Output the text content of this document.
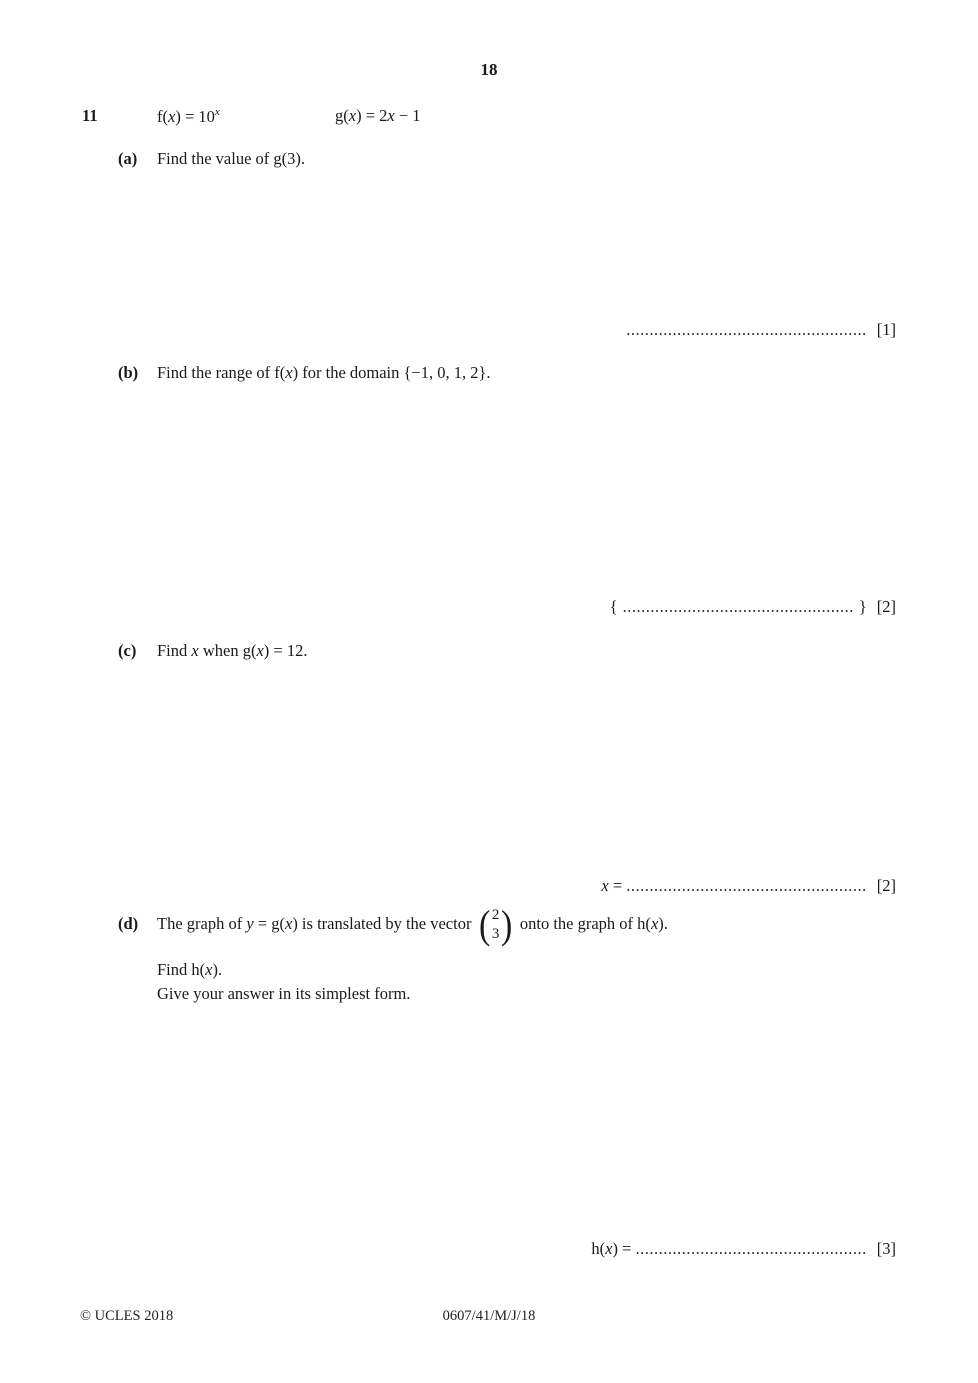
18
11	$f(x) = 10^x$	g(x) = 2x − 1
(a) Find the value of g(3).
.................................................... [1]
(b) Find the range of f(x) for the domain {−1, 0, 1, 2}.
{ .................................................. } [2]
(c) Find x when g(x) = 12.
x = .................................................... [2]
(d) The graph of y = g(x) is translated by the vector ( 2
3 ) onto the graph of h(x).
Find h(x).
Give your answer in its simplest form.
h(x) = .................................................. [3]
© UCLES 2018	0607/41/M/J/18
